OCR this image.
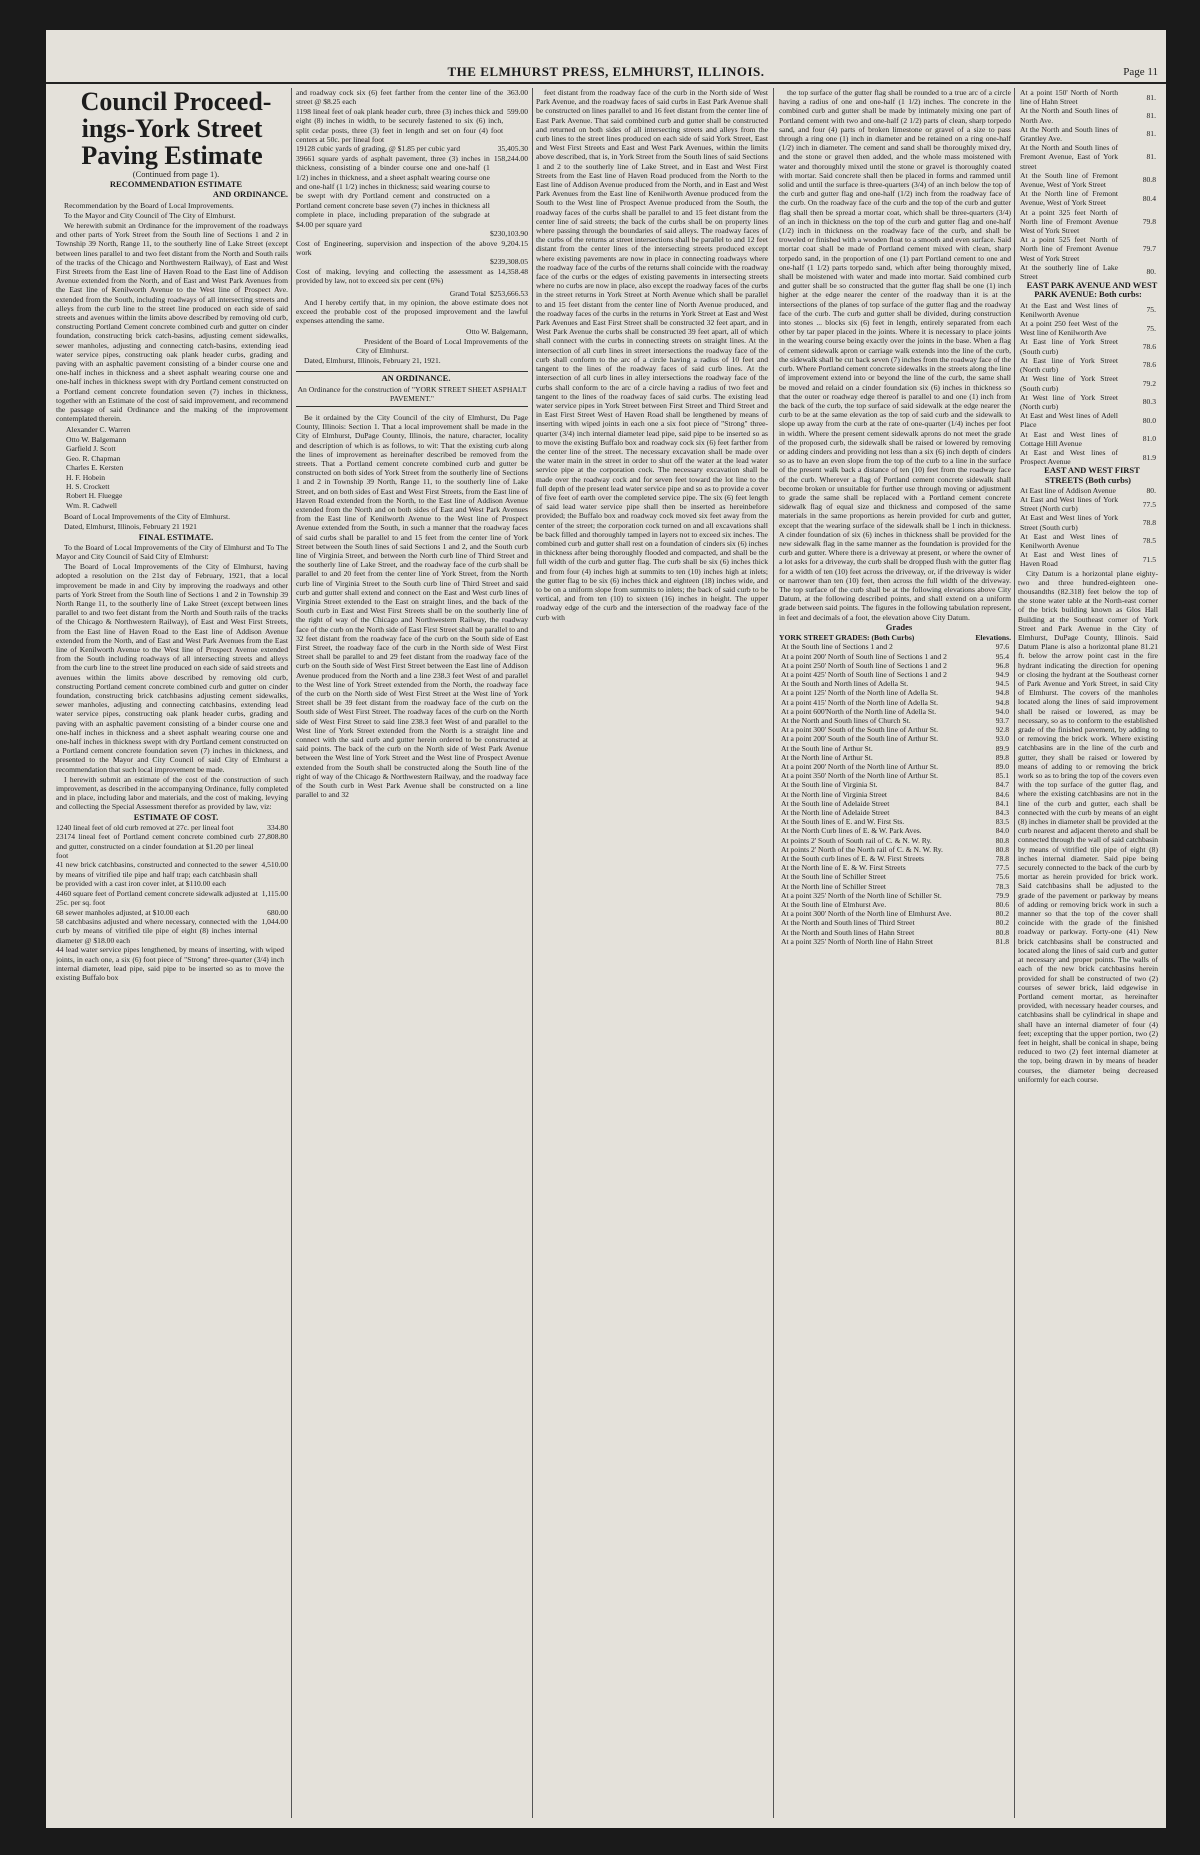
THE ELMHURST PRESS, ELMHURST, ILLINOIS.	Page 11

Council Proceed-ings-York Street Paving Estimate

(Continued from page 1).

RECOMMENDATION ESTIMATE

AND ORDINANCE.

Recommendation by the Board of Local Improvements.

To the Mayor and City Council of The City of Elmhurst.

We herewith submit an Ordinance for the improvement of the roadways and other parts of York Street from the South line of Sections 1 and 2 in Township 39 North, Range 11, to the southerly line of Lake Street (except between lines parallel to and two feet distant from the North and South rails of the tracks of the Chicago and Northwestern Railway), of East and West First Streets from the East line of Haven Road to the East line of Addison Avenue extended from the North, and of East and West Park Avenues from the East line of Kenilworth Avenue to the West line of Prospect Ave. extended from the South, including roadways of all intersecting streets and alleys from the curb line to the street line produced on each side of said streets and avenues within the limits above described by removing old curb, constructing Portland Cement concrete combined curb and gutter on cinder foundation, constructing brick catch-basins, adjusting cement sidewalks, sewer manholes, adjusting and connecting catch-basins, extending iead water service pipes, constructing oak plank header curbs, grading and paving with an asphaltic pavement consisting of a binder course one and one-half inches in thickness and a sheet asphalt wearing course one and one-half inches in thickness swept with dry Portland cement constructed on a Portland cement concrete foundation seven (7) inches in thickness, together with an Estimate of the cost of said improvement, and recommend the passage of said Ordinance and the making of the improvement contemplated therein.

Alexander C. Warren
Otto W. Balgemann
Garfield J. Scott
Geo. R. Chapman
Charles E. Kersten
H. F. Hobein
H. S. Crockett
Robert H. Fluegge
Wm. R. Cadwell

Board of Local Improvements of the City of Elmhurst.

Dated, Elmhurst, Illinois, February 21 1921

FINAL ESTIMATE.

To the Board of Local Improvements of the City of Elmhurst and To The Mayor and City Council of Said City of Elmhurst:

The Board of Local Improvements of the City of Elmhurst, having adopted a resolution on the 21st day of February, 1921, that a local improvement be made in and City by improving the roadways and other parts of York Street from the South line of Sections 1 and 2 in Township 39 North Range 11, to the southerly line of Lake Street (except between lines parallel to and two feet distant from the North and South rails of the tracks of the Chicago & Northwestern Railway), of East and West First Streets, from the East line of Haven Road to the East line of Addison Avenue extended from the North, and of East and West Park Avenues from the East line of Kenilworth Avenue to the West line of Prospect Avenue extended from the South including roadways of all intersecting streets and alleys from the curb line to the street line produced on each side of said streets and avenues within the limits above described by removing old curb, constructing Portland cement concrete combined curb and gutter on cinder foundation, constructing brick catchbasins adjusting cement sidewalks, sewer manholes, adjusting and connecting catchbasins, extending lead water service pipes, constructing oak plank header curbs, grading and paving with an asphaltic pavement consisting of a binder course one and one-half inches in thickness and a sheet asphalt wearing course one and one-half inches in thickness swept with dry Portland cement constructed on a Portland cement concrete foundation seven (7) inches in thickness, and presented to the Mayor and City Council of said City of Elmhurst a recommendation that such local improvement be made.

I herewith submit an estimate of the cost of the construction of such improvement, as described in the accompanying Ordinance, fully completed and in place, including labor and materials, and the cost of making, levying and collecting the Special Assessment therefor as provided by law, viz:

ESTIMATE OF COST.

1240 lineal feet of old curb removed at 27c. per lineal foot	334.80
23174 lineal feet of Portland cement concrete combined curb and gutter, constructed on a cinder foundation at $1.20 per lineal foot
27,808.80
41 new brick catchbasins, constructed and connected to the sewer by means of vitrified tile pipe and half trap; each catchbasin shall be provided with a cast iron cover inlet, at $110.00 each
4,510.00
4460 square feet of Portland cement concrete sidewalk adjusted at 25c. per sq. foot
1,115.00
68 sewer manholes adjusted, at $10.00 each	680.00
58 catchbasins adjusted and where necessary, connected with the curb by means of vitrified tile pipe of eight (8) inches internal diameter @ $18.00 each
1,044.00
44 lead water service pipes lengthened, by means of inserting, with wiped joints, in each one, a six (6) foot piece of "Strong" three-quarter (3/4) inch internal diameter, lead pipe, said pipe to be inserted so as to move the existing Buffalo box
and roadway cock six (6) feet farther from the center line of the street @ $8.25 each
363.00
1198 lineal feet of oak plank header curb, three (3) inches thick and eight (8) inches in width, to be securely fastened to six (6) inch, split cedar posts, three (3) feet in length and set on four (4) foot centers at 50c. per lineal foot
599.00
19128 cubic yards of grading, @ $1.85 per cubic yard	35,405.30
39661 square yards of asphalt pavement, three (3) inches in thickness, consisting of a binder course one and one-half (1 1/2) inches in thickness, and a sheet asphalt wearing course one and one-half (1 1/2) inches in thickness; said wearing course to be swept with dry Portland cement and constructed on a Portland cement concrete base seven (7) inches in thickness all complete in place, including preparation of the subgrade at $4.00 per square yard
158,244.00
$230,103.90
Cost of Engineering, supervision and inspection of the above work
9,204.15
$239,308.05
Cost of making, levying and collecting the assessment as provided by law, not to exceed six per cent (6%)
14,358.48
Grand Total $253,666.53

And I hereby certify that, in my opinion, the above estimate does not exceed the probable cost of the proposed improvement and the lawful expenses attending the same.

Otto W. Balgemann,

President of the Board of Local Improvements of the City of Elmhurst.

Dated, Elmhurst, Illinois, February 21, 1921.

AN ORDINANCE.

An Ordinance for the construction of "YORK STREET SHEET ASPHALT PAVEMENT."

Be it ordained by the City Council of the city of Elmhurst, Du Page County, Illinois: Section 1. That a local improvement shall be made in the City of Elmhurst, DuPage County, Illinois, the nature, character, locality and description of which is as follows, to wit: That the existing curb along the lines of improvement as hereinafter described be removed from the streets. That a Portland cement concrete combined curb and gutter be constructed on both sides of York Street from the southerly line of Sections 1 and 2 in Township 39 North, Range 11, to the southerly line of Lake Street, and on both sides of East and West First Streets, from the East line of Haven Road extended from the North, to the East line of Addison Avenue extended from the North and on both sides of East and West Park Avenues from the East line of Kenilworth Avenue to the West line of Prospect Avenue extended from the South, in such a manner that the roadway faces of said curbs shall be parallel to and 15 feet from the center line of York Street between the South lines of said Sections 1 and 2, and the South curb line of Virginia Street, and between the North curb line of Third Street and the southerly line of Lake Street, and the roadway face of the curb shall be parallel to and 20 feet from the center line of York Street, from the North curb line of Virginia Street to the South curb line of Third Street and said curb and gutter shall extend and connect on the East and West curb lines of Virginia Street extended to the East on straight lines, and the back of the South curb in East and West First Streets shall be on the southerly line of the right of way of the Chicago and Northwestern Railway, the roadway face of the curb on the North side of East First Street shall be parallel to and 32 feet distant from the roadway face of the curb on the South side of East First Street, the roadway face of the curb in the North side of West First Street shall be parallel to and 29 feet distant from the roadway face of the curb on the South side of West First Street between the East line of Addison Avenue produced from the North and a line 238.3 feet West of and parallel to the West line of York Street extended from the North, the roadway face of the curb on the North side of West First Street at the West line of York Street shall be 39 feet distant from the roadway face of the curb on the South side of West First Street. The roadway faces of the curb on the North side of West First Street to said line 238.3 feet West of and parallel to the West line of York Street extended from the North is a straight line and connect with the said curb and gutter herein ordered to be constructed at said points. The back of the curb on the North side of West Park Avenue between the West line of York Street and the West line of Prospect Avenue extended from the South shall be constructed along the South line of the right of way of the Chicago & Northwestern Railway, and the roadway face of the South curb in West Park Avenue shall be constructed on a line parallel to and 32

feet distant from the roadway face of the curb in the North side of West Park Avenue, and the roadway faces of said curbs in East Park Avenue shall be constructed on lines parallel to and 16 feet distant from the center line of East Park Avenue. That said combined curb and gutter shall be constructed and returned on both sides of all intersecting streets and alleys from the curb lines to the street lines produced on each side of said York Street, East and West First Streets and East and West Park Avenues, within the limits above described, that is, in York Street from the South lines of said Sections 1 and 2 to the southerly line of Lake Street, and in East and West First Streets from the East line of Haven Road produced from the North to the East line of Addison Avenue produced from the North, and in East and West Park Avenues from the East line of Kenilworth Avenue produced from the South to the West line of Prospect Avenue produced from the South, the roadway faces of the curbs shall be parallel to and 15 feet distant from the center line of said streets; the back of the curbs shall be on property lines where passing through the boundaries of said alleys. The roadway faces of the curbs of the returns at street intersections shall be parallel to and 12 feet distant from the center lines of the intersecting streets produced except where existing pavements are now in place in connecting roadways where the roadway face of the curbs of the returns shall coincide with the roadway face of the curbs or the edges of existing pavements in intersecting streets where no curbs are now in place, also except the roadway faces of the curbs in the street returns in York Street at North Avenue which shall be parallel to and 15 feet distant from the center line of North Avenue produced, and the roadway faces of the curbs in the returns in York Street at East and West Park Avenues and East First Street shall be constructed 32 feet apart, and in West Park Avenue the curbs shall be constructed 39 feet apart, all of which shall connect with the curbs in connecting streets on straight lines. At the intersection of all curb lines in street intersections the roadway face of the curb shall conform to the arc of a circle having a radius of 10 feet and tangent to the lines of the roadway faces of said curb lines. At the intersection of all curb lines in alley intersections the roadway face of the curbs shall conform to the arc of a circle having a radius of two feet and tangent to the lines of the roadway faces of said curbs. The existing lead water service pipes in York Street between First Street and Third Street and in East First Street West of Haven Road shall be lengthened by means of inserting with wiped joints in each one a six foot piece of "Strong" three-quarter (3/4) inch internal diameter lead pipe, said pipe to be inserted so as to move the existing Buffalo box and roadway cock six (6) feet farther from the center line of the street. The necessary excavation shall be made over the water main in the street in order to shut off the water at the lead water service pipe at the corporation cock. The necessary excavation shall be made over the roadway cock and for seven feet toward the lot line to the full depth of the present lead water service pipe and so as to provide a cover of five feet of earth over the completed service pipe. The six (6) feet length of said lead water service pipe shall then be inserted as hereinbefore provided; the Buffalo box and roadway cock moved six feet away from the center of the street; the corporation cock turned on and all excavations shall be back filled and thoroughly tamped in layers not to exceed six inches. The combined curb and gutter shall rest on a foundation of cinders six (6) inches in thickness after being thoroughly flooded and compacted, and shall be the full width of the curb and gutter flag. The curb shall be six (6) inches thick and from four (4) inches high at summits to ten (10) inches high at inlets; the gutter flag to be six (6) inches thick and eighteen (18) inches wide, and to be on a uniform slope from summits to inlets; the back of said curb to be vertical, and from ten (10) to sixteen (16) inches in height. The upper roadway edge of the curb and the intersection of the roadway face of the curb with

the top surface of the gutter flag shall be rounded to a true arc of a circle having a radius of one and one-half (1 1/2) inches. The concrete in the combined curb and gutter shall be made by intimately mixing one part of Portland cement with two and one-half (2 1/2) parts of clean, sharp torpedo sand, and four (4) parts of broken limestone or gravel of a size to pass through a ring one (1) inch in diameter and be retained on a ring one-half (1/2) inch in diameter. The cement and sand shall be thoroughly mixed dry, and the stone or gravel then added, and the whole mass moistened with water and thoroughly mixed until the stone or gravel is thoroughly coated with mortar. Said concrete shall then be placed in forms and rammed until solid and until the surface is three-quarters (3/4) of an inch below the top of the curb and gutter flag and one-half (1/2) inch from the roadway face of the curb. On the roadway face of the curb and the top of the curb and gutter flag shall then be spread a mortar coat, which shall be three-quarters (3/4) of an inch in thickness on the top of the curb and gutter flag and one-half (1/2) inch in thickness on the roadway face of the curb, and shall be troweled or finished with a wooden float to a smooth and even surface. Said mortar coat shall be made of Portland cement mixed with clean, sharp torpedo sand, in the proportion of one (1) part Portland cement to one and one-half (1 1/2) parts torpedo sand, which after being thoroughly mixed, shall be moistened with water and made into mortar. Said combined curb and gutter shall be so constructed that the gutter flag shall be one (1) inch higher at the edge nearer the center of the roadway than it is at the intersections of the planes of top surface of the gutter flag and the roadway face of the curb. The curb and gutter shall be divided, during construction into stones ... blocks six (6) feet in length, entirely separated from each other by tar paper placed in the joints. Where it is necessary to place joints in the wearing course being exactly over the joints in the base. When a flag of cement sidewalk apron or carriage walk extends into the line of the curb, the sidewalk shall be cut back seven (7) inches from the roadway face of the curb. Where Portland cement concrete sidewalks in the streets along the line of improvement extend into or beyond the line of the curb, the same shall be moved and relaid on a cinder foundation six (6) inches in thickness so that the outer or roadway edge thereof is parallel to and one (1) inch from the back of the curb, the top surface of said sidewalk at the edge nearer the curb to be at the same elevation as the top of said curb and the sidewalk to slope up away from the curb at the rate of one-quarter (1/4) inches per foot in width. Where the present cement sidewalk aprons do not meet the grade of the proposed curb, the sidewalk shall be raised or lowered by removing or adding cinders and providing not less than a six (6) inch depth of cinders so as to have an even slope from the top of the curb to a line in the surface of the present walk back a distance of ten (10) feet from the roadway face of the curb. Wherever a flag of Portland cement concrete sidewalk shall become broken or unsuitable for further use through moving or adjustment to grade the same shall be replaced with a Portland cement concrete sidewalk flag of equal size and thickness and composed of the same materials in the same proportions as herein provided for curb and gutter, except that the wearing surface of the sidewalk shall be 1 inch in thickness. A cinder foundation of six (6) inches in thickness shall be provided for the new sidewalk flag in the same manner as the foundation is provided for the curb and gutter. Where there is a driveway at present, or where the owner of a lot asks for a driveway, the curb shall be dropped flush with the gutter flag for a width of ten (10) feet across the driveway, or, if the driveway is wider or narrower than ten (10) feet, then across the full width of the driveway. The top surface of the curb shall be at the following elevations above City Datum, at the following described points, and shall extend on a uniform grade between said points. The figures in the following tabulation represent, in feet and decimals of a foot, the elevation above City Datum.

Grades

YORK STREET GRADES: (Both Curbs)	Elevations.
At the South line of Sections 1 and 2	97.6
At a point 200' North of South line of Sections 1 and 2	95.4
At a point 250' North of South line of Sections 1 and 2	96.8
At a point 425' North of South line of Sections 1 and 2	94.9
At the South and North lines of Adella St.	94.5
At a point 125' North of the North line of Adella St.	94.8
At a point 415' North of the North line of Adella St.	94.8
At a point 600'North of the North line of Adella St.	94.0
At the North and South lines of Church St.	93.7
At a point 300' South of the South line of Arthur St.	92.8
At a point 200' South of the South line of Arthur St.	93.0
At the South line of Arthur St.	89.9
At the North line of Arthur St.	89.8
At a point 200' North of the North line of Arthur St.	89.0
At a point 350' North of the North line of Arthur St.	85.1
At the South line of Virginia St.	84.7
At the North line of Virginia Street	84.6
At the South line of Adelaide Street	84.1
At the North line of Adelaide Street	84.3
At the South lines of E. and W. First Sts.	83.5
At the North Curb lines of E. & W. Park Aves.	84.0
At points 2' South of South rail of C. & N. W. Ry.	80.8
At points 2' North of the North rail of C. & N. W. Ry.	80.8
At the South curb lines of E. & W. First Streets	78.8
At the North line of E. & W. First Streets	77.5
At the South line of Schiller Street	75.6
At the North line of Schiller Street	78.3
At a point 325' North of the North line of Schiller St.	79.9
At the South line of Elmhurst Ave.	80.6
At a point 300' North of the North line of Elmhurst Ave.	80.2
At the North and South lines of Third Street	80.2
At the North and South lines of Hahn Street	80.8
At a point 325' North of North line of Hahn Street	81.8
At a point 150' North of North line of Hahn Street	81.
At the North and South lines of North Ave.	81.
At the North and South lines of Grantley Ave.	81.
At the North and South lines of Fremont Avenue, East of York street	81.
At the South line of Fremont Avenue, West of York Street	80.8
At the North line of Fremont Avenue, West of York Street	80.4
At a point 325 feet North of North line of Fremont Avenue West of York Street	79.8
At a point 525 feet North of North line of Fremont Avenue West of York Street	79.7
At the southerly line of Lake Street	80.

EAST PARK AVENUE AND WEST PARK AVENUE: Both curbs:

At the East and West lines of Kenilworth Avenue	75.
At a point 250 feet West of the West line of Kenilworth Ave	75.
At East line of York Street (South curb)	78.6
At East line of York Street (North curb)	78.6
At West line of York Street (South curb)	79.2
At West line of York Street (North curb)	80.3
At East and West lines of Adell Place	80.0
At East and West lines of Cottage Hill Avenue	81.0
At East and West lines of Prospect Avenue	81.9

EAST AND WEST FIRST STREETS (Both curbs)

At East line of Addison Avenue	80.
At East and West lines of York Street (North curb)	77.5
At East and West lines of York Street (South curb)	78.8
At East and West lines of Kenilworth Avenue	78.5
At East and West lines of Haven Road	71.5

City Datum is a horizontal plane eighty-two and three hundred-eighteen one-thousandths (82.318) feet below the top of the stone water table at the North-east corner of the brick building known as Glos Hall Building at the Southeast corner of York Street and Park Avenue in the City of Elmhurst, DuPage County, Illinois. Said Datum Plane is also a horizontal plane 81.21 ft. below the arrow point cast in the fire hydrant indicating the direction for opening or closing the hydrant at the Southeast corner of Park Avenue and York Street, in said City of Elmhurst. The covers of the manholes located along the lines of said improvement shall be raised or lowered, as may be necessary, so as to conform to the established grade of the finished pavement, by adding to or removing the brick work. Where existing catchbasins are in the line of the curb and gutter, they shall be raised or lowered by means of adding to or removing the brick work so as to bring the top of the covers even with the top surface of the gutter flag, and where the existing catchbasins are not in the line of the curb and gutter, each shall be connected with the curb by means of an eight (8) inches in diameter shall be provided at the curb nearest and adjacent thereto and shall be connected through the wall of said catchbasin by means of vitrified tile pipe of eight (8) inches internal diameter. Said pipe being securely connected to the back of the curb by mortar as herein provided for brick work. Said catchbasins shall be adjusted to the grade of the pavement or parkway by means of adding or removing brick work in such a manner so that the top of the cover shall coincide with the grade of the finished roadway or parkway. Forty-one (41) New brick catchbasins shall be constructed and located along the lines of said curb and gutter at necessary and proper points. The walls of each of the new brick catchbasins herein provided for shall be constructed of two (2) courses of sewer brick, laid edgewise in Portland cement mortar, as hereinafter provided, with necessary header courses, and catchbasins shall be cylindrical in shape and shall have an internal diameter of four (4) feet; excepting that the upper portion, two (2) feet in height, shall be conical in shape, being reduced to two (2) feet internal diameter at the top, being drawn in by means of header courses, the diameter being decreased uniformly for each course.
